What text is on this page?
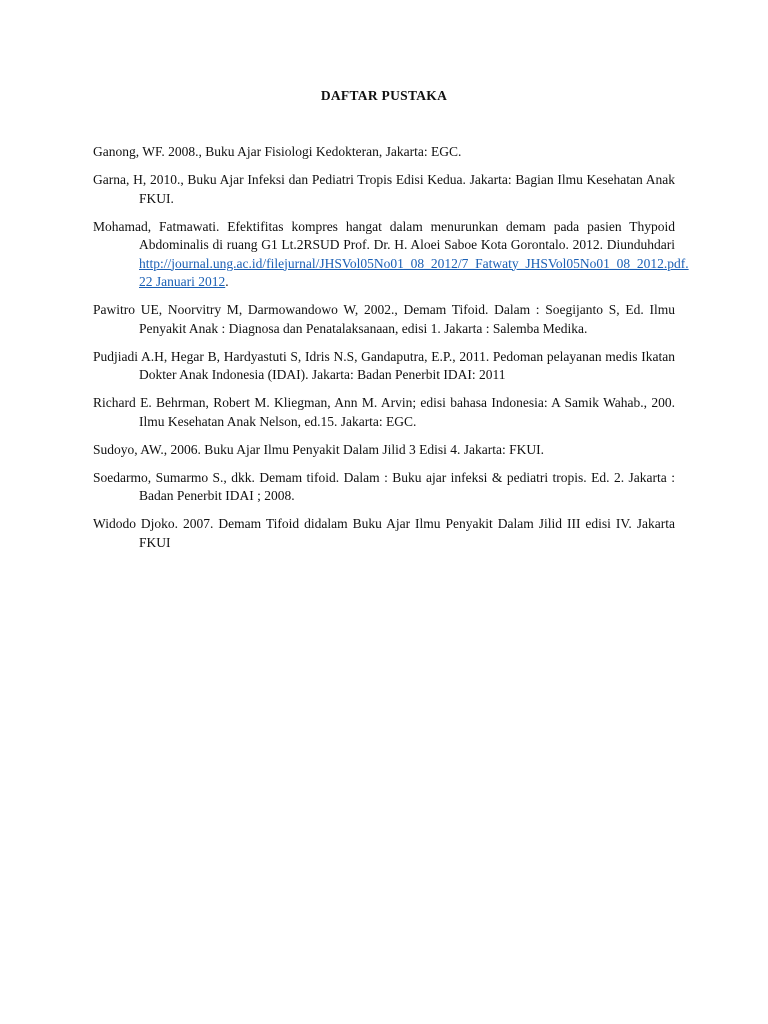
DAFTAR PUSTAKA

Ganong, WF. 2008., Buku Ajar Fisiologi Kedokteran, Jakarta: EGC.

Garna, H, 2010., Buku Ajar Infeksi dan Pediatri Tropis Edisi Kedua. Jakarta: Bagian Ilmu Kesehatan Anak FKUI.

Mohamad, Fatmawati. Efektifitas kompres hangat dalam menurunkan demam pada pasien Thypoid Abdominalis di ruang G1 Lt.2RSUD Prof. Dr. H. Aloei Saboe Kota Gorontalo. 2012. Diunduhdari http://journal.ung.ac.id/filejurnal/JHSVol05No01_08_2012/7_Fatwaty_JHSVol05No01_08_2012.pdf. 22 Januari 2012.

Pawitro UE, Noorvitry M, Darmowandowo W, 2002., Demam Tifoid. Dalam : Soegijanto S, Ed. Ilmu Penyakit Anak : Diagnosa dan Penatalaksanaan, edisi 1. Jakarta : Salemba Medika.

Pudjiadi A.H, Hegar B, Hardyastuti S, Idris N.S, Gandaputra, E.P., 2011. Pedoman pelayanan medis Ikatan Dokter Anak Indonesia (IDAI). Jakarta: Badan Penerbit IDAI: 2011

Richard E. Behrman, Robert M. Kliegman, Ann M. Arvin; edisi bahasa Indonesia: A Samik Wahab., 200. Ilmu Kesehatan Anak Nelson, ed.15. Jakarta: EGC.

Sudoyo, AW., 2006. Buku Ajar Ilmu Penyakit Dalam Jilid 3 Edisi 4. Jakarta: FKUI.

Soedarmo, Sumarmo S., dkk. Demam tifoid. Dalam : Buku ajar infeksi & pediatri tropis. Ed. 2. Jakarta : Badan Penerbit IDAI ; 2008.

Widodo Djoko. 2007. Demam Tifoid didalam Buku Ajar Ilmu Penyakit Dalam Jilid III edisi IV. Jakarta FKUI
